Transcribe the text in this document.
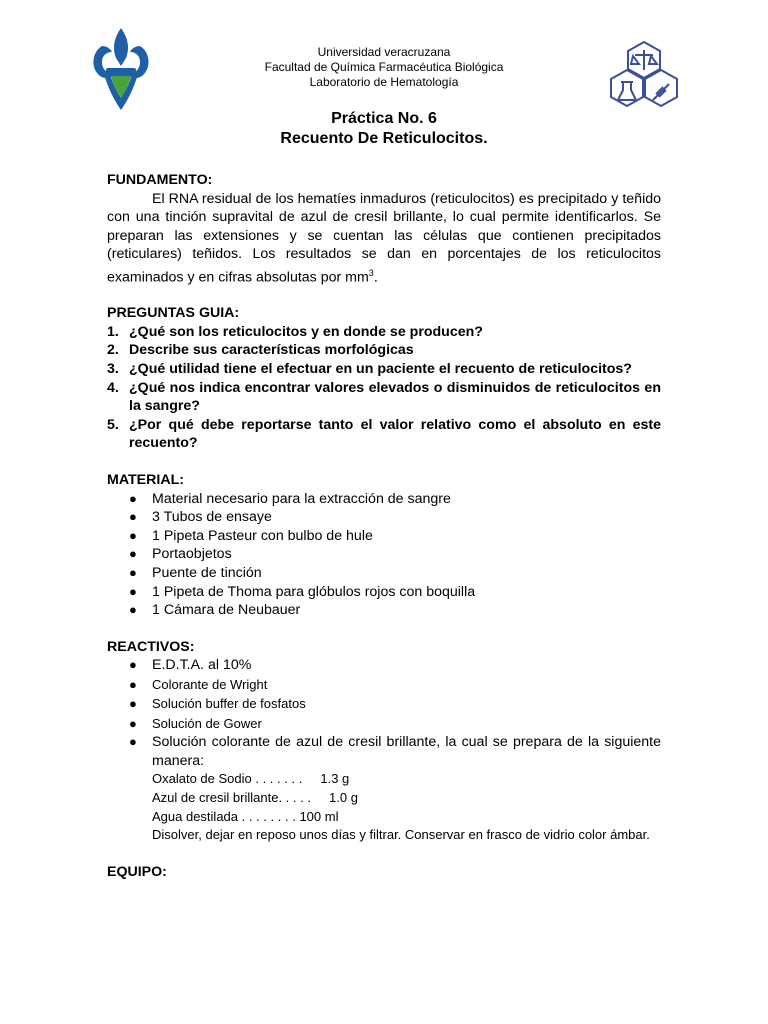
Universidad veracruzana
Facultad de Química Farmacéutica Biológica
Laboratorio de Hematología
Práctica No. 6
Recuento De Reticulocitos.

FUNDAMENTO:

El RNA residual de los hematíes inmaduros (reticulocitos) es precipitado y teñido con una tinción supravital de azul de cresil brillante, lo cual permite identificarlos. Se preparan las extensiones y se cuentan las células que contienen precipitados (reticulares) teñidos. Los resultados se dan en porcentajes de los reticulocitos examinados y en cifras absolutas por $mm^3$.

PREGUNTAS GUIA:

1. ¿Qué son los reticulocitos y en donde se producen?
2. Describe sus características morfológicas
3. ¿Qué utilidad tiene el efectuar en un paciente el recuento de reticulocitos?
4. ¿Qué nos indica encontrar valores elevados o disminuidos de reticulocitos en la sangre?
5. ¿Por qué debe reportarse tanto el valor relativo como el absoluto en este recuento?

MATERIAL:

●	Material necesario para la extracción de sangre
●	3 Tubos de ensaye
●	1 Pipeta Pasteur con bulbo de hule
●	Portaobjetos
●	Puente de tinción
●	1 Pipeta de Thoma para glóbulos rojos con boquilla
●	1 Cámara de Neubauer

REACTIVOS:

●	E.D.T.A. al 10%
●	Colorante de Wright
●	Solución buffer de fosfatos
●	Solución de Gower
●	Solución colorante de azul de cresil brillante, la cual se prepara de la siguiente manera:
Oxalato de Sodio . . . . . . . 1.3 g
Azul de cresil brillante. . . . . 1.0 g
Agua destilada . . . . . . . . 100 ml
Disolver, dejar en reposo unos días y filtrar. Conservar en frasco de vidrio color ámbar.

EQUIPO:
